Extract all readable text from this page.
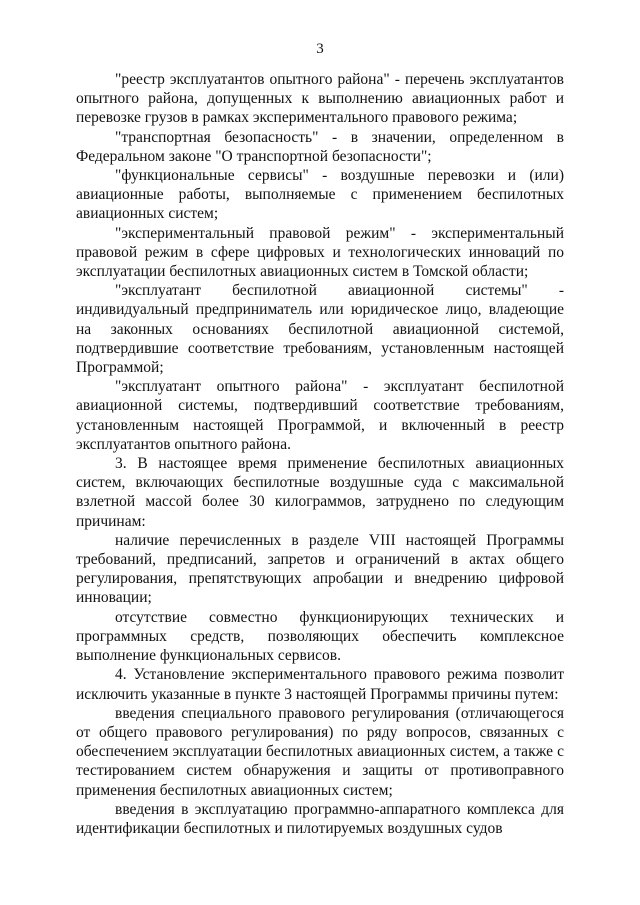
3

"реестр эксплуатантов опытного района" - перечень эксплуатантов опытного района, допущенных к выполнению авиационных работ и перевозке грузов в рамках экспериментального правового режима;

"транспортная безопасность" - в значении, определенном в Федеральном законе "О транспортной безопасности";

"функциональные сервисы" - воздушные перевозки и (или) авиационные работы, выполняемые с применением беспилотных авиационных систем;

"экспериментальный правовой режим" - экспериментальный правовой режим в сфере цифровых и технологических инноваций по эксплуатации беспилотных авиационных систем в Томской области;

"эксплуатант беспилотной авиационной системы" - индивидуальный предприниматель или юридическое лицо, владеющие на законных основаниях беспилотной авиационной системой, подтвердившие соответствие требованиям, установленным настоящей Программой;

"эксплуатант опытного района" - эксплуатант беспилотной авиационной системы, подтвердивший соответствие требованиям, установленным настоящей Программой, и включенный в реестр эксплуатантов опытного района.

3. В настоящее время применение беспилотных авиационных систем, включающих беспилотные воздушные суда с максимальной взлетной массой более 30 килограммов, затруднено по следующим причинам:

наличие перечисленных в разделе VIII настоящей Программы требований, предписаний, запретов и ограничений в актах общего регулирования, препятствующих апробации и внедрению цифровой инновации;

отсутствие совместно функционирующих технических и программных средств, позволяющих обеспечить комплексное выполнение функциональных сервисов.

4. Установление экспериментального правового режима позволит исключить указанные в пункте 3 настоящей Программы причины путем:

введения специального правового регулирования (отличающегося от общего правового регулирования) по ряду вопросов, связанных с обеспечением эксплуатации беспилотных авиационных систем, а также с тестированием систем обнаружения и защиты от противоправного применения беспилотных авиационных систем;

введения в эксплуатацию программно-аппаратного комплекса для идентификации беспилотных и пилотируемых воздушных судов
